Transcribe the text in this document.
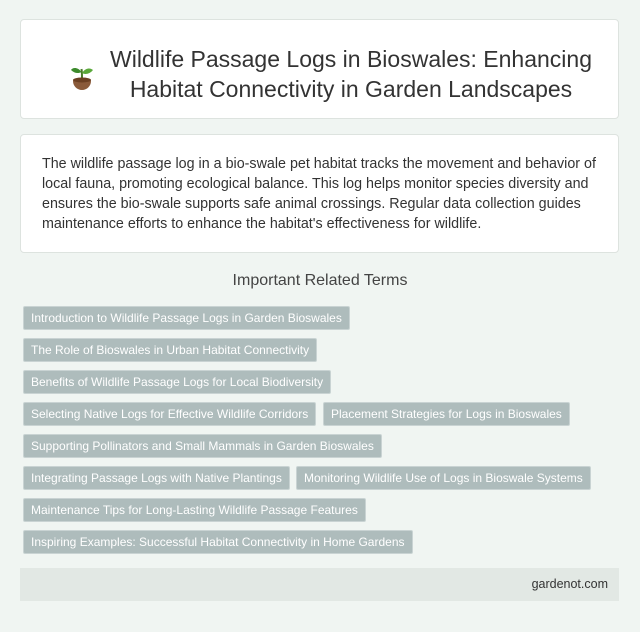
Wildlife Passage Logs in Bioswales: Enhancing
Habitat Connectivity in Garden Landscapes
The wildlife passage log in a bio-swale pet habitat tracks the movement and behavior of local fauna, promoting ecological balance. This log helps monitor species diversity and ensures the bio-swale supports safe animal crossings. Regular data collection guides maintenance efforts to enhance the habitat's effectiveness for wildlife.
Important Related Terms
Introduction to Wildlife Passage Logs in Garden Bioswales
The Role of Bioswales in Urban Habitat Connectivity
Benefits of Wildlife Passage Logs for Local Biodiversity
Selecting Native Logs for Effective Wildlife Corridors	Placement Strategies for Logs in Bioswales
Supporting Pollinators and Small Mammals in Garden Bioswales
Integrating Passage Logs with Native Plantings	Monitoring Wildlife Use of Logs in Bioswale Systems
Maintenance Tips for Long-Lasting Wildlife Passage Features
Inspiring Examples: Successful Habitat Connectivity in Home Gardens
gardenot.com
